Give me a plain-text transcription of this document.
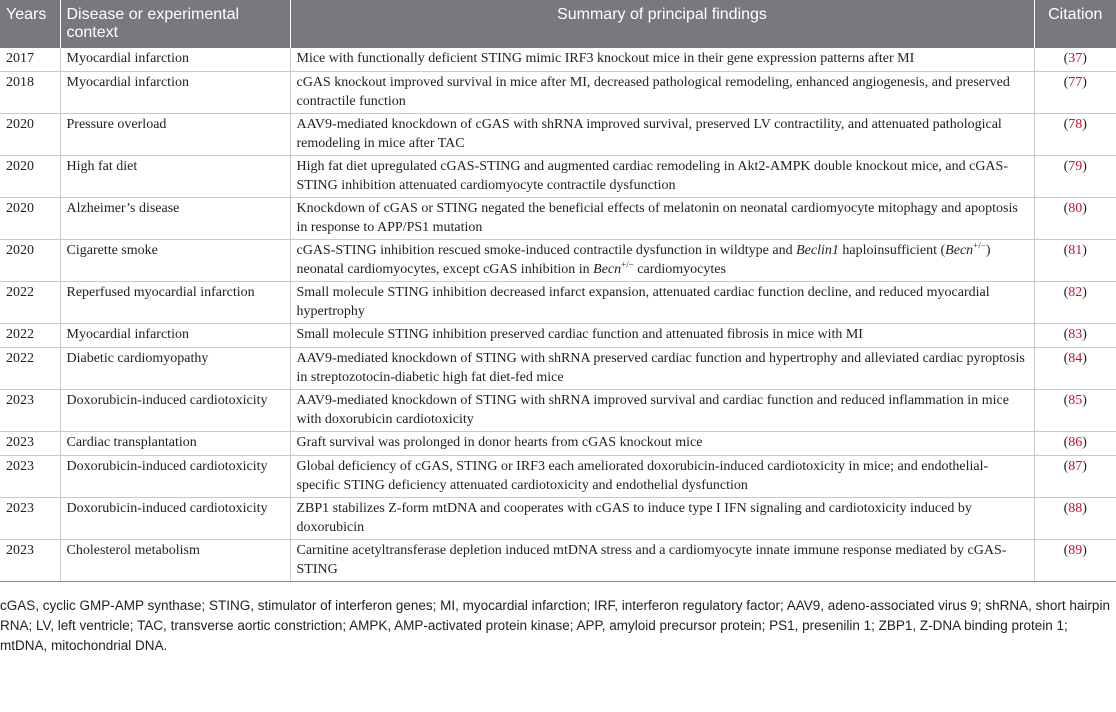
Years	Disease or experimental context	Summary of principal findings	Citation
2017	Myocardial infarction	Mice with functionally deficient STING mimic IRF3 knockout mice in their gene expression patterns after MI	(37)
2018	Myocardial infarction	cGAS knockout improved survival in mice after MI, decreased pathological remodeling, enhanced angiogenesis, and preserved contractile function	(77)
2020	Pressure overload	AAV9-mediated knockdown of cGAS with shRNA improved survival, preserved LV contractility, and attenuated pathological remodeling in mice after TAC	(78)
2020	High fat diet	High fat diet upregulated cGAS-STING and augmented cardiac remodeling in Akt2-AMPK double knockout mice, and cGAS-STING inhibition attenuated cardiomyocyte contractile dysfunction	(79)
2020	Alzheimer’s disease	Knockdown of cGAS or STING negated the beneficial effects of melatonin on neonatal cardiomyocyte mitophagy and apoptosis in response to APP/PS1 mutation	(80)
2020	Cigarette smoke	cGAS-STING inhibition rescued smoke-induced contractile dysfunction in wildtype and Beclin1 haploinsufficient (Becn+/−) neonatal cardiomyocytes, except cGAS inhibition in Becn+/− cardiomyocytes	(81)
2022	Reperfused myocardial infarction	Small molecule STING inhibition decreased infarct expansion, attenuated cardiac function decline, and reduced myocardial hypertrophy	(82)
2022	Myocardial infarction	Small molecule STING inhibition preserved cardiac function and attenuated fibrosis in mice with MI	(83)
2022	Diabetic cardiomyopathy	AAV9-mediated knockdown of STING with shRNA preserved cardiac function and hypertrophy and alleviated cardiac pyroptosis in streptozotocin-diabetic high fat diet-fed mice	(84)
2023	Doxorubicin-induced cardiotoxicity	AAV9-mediated knockdown of STING with shRNA improved survival and cardiac function and reduced inflammation in mice with doxorubicin cardiotoxicity	(85)
2023	Cardiac transplantation	Graft survival was prolonged in donor hearts from cGAS knockout mice	(86)
2023	Doxorubicin-induced cardiotoxicity	Global deficiency of cGAS, STING or IRF3 each ameliorated doxorubicin-induced cardiotoxicity in mice; and endothelial-specific STING deficiency attenuated cardiotoxicity and endothelial dysfunction	(87)
2023	Doxorubicin-induced cardiotoxicity	ZBP1 stabilizes Z-form mtDNA and cooperates with cGAS to induce type I IFN signaling and cardiotoxicity induced by doxorubicin	(88)
2023	Cholesterol metabolism	Carnitine acetyltransferase depletion induced mtDNA stress and a cardiomyocyte innate immune response mediated by cGAS-STING	(89)

cGAS, cyclic GMP-AMP synthase; STING, stimulator of interferon genes; MI, myocardial infarction; IRF, interferon regulatory factor; AAV9, adeno-associated virus 9; shRNA, short hairpin RNA; LV, left ventricle; TAC, transverse aortic constriction; AMPK, AMP-activated protein kinase; APP, amyloid precursor protein; PS1, presenilin 1; ZBP1, Z-DNA binding protein 1; mtDNA, mitochondrial DNA.
